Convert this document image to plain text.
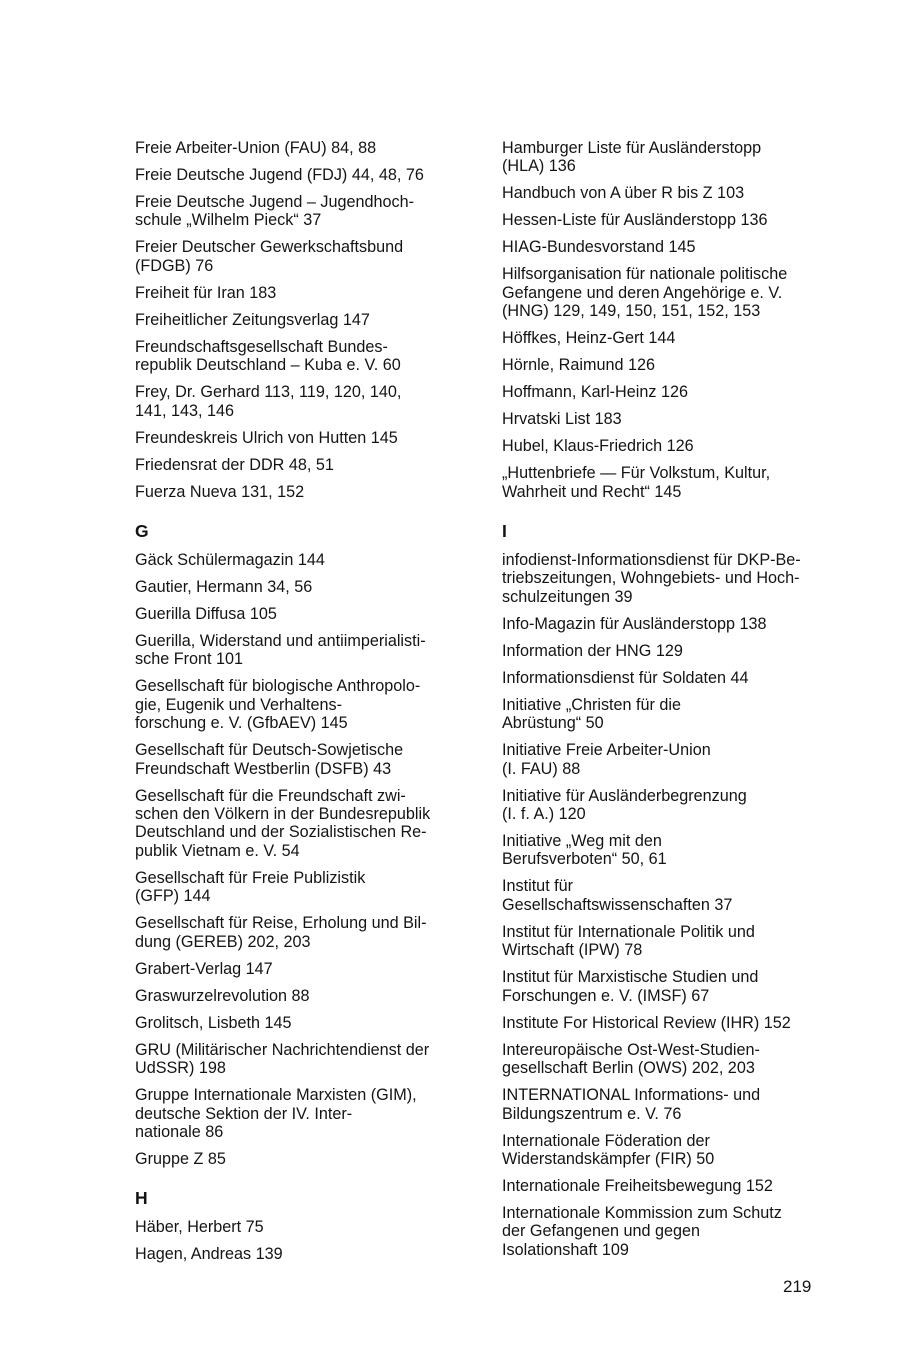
Freie Arbeiter-Union (FAU) 84, 88
Freie Deutsche Jugend (FDJ) 44, 48, 76
Freie Deutsche Jugend – Jugendhoch-
schule „Wilhelm Pieck“ 37
Freier Deutscher Gewerkschaftsbund
(FDGB) 76
Freiheit für Iran 183
Freiheitlicher Zeitungsverlag 147
Freundschaftsgesellschaft Bundes-
republik Deutschland – Kuba e. V. 60
Frey, Dr. Gerhard 113, 119, 120, 140,
141, 143, 146
Freundeskreis Ulrich von Hutten 145
Friedensrat der DDR 48, 51
Fuerza Nueva 131, 152
G
Gäck Schülermagazin 144
Gautier, Hermann 34, 56
Guerilla Diffusa 105
Guerilla, Widerstand und antiimperialisti-
sche Front 101
Gesellschaft für biologische Anthropolo-
gie, Eugenik und Verhaltens-
forschung e. V. (GfbAEV) 145
Gesellschaft für Deutsch-Sowjetische
Freundschaft Westberlin (DSFB) 43
Gesellschaft für die Freundschaft zwi-
schen den Völkern in der Bundesrepublik
Deutschland und der Sozialistischen Re-
publik Vietnam e. V. 54
Gesellschaft für Freie Publizistik
(GFP) 144
Gesellschaft für Reise, Erholung und Bil-
dung (GEREB) 202, 203
Grabert-Verlag 147
Graswurzelrevolution 88
Grolitsch, Lisbeth 145
GRU (Militärischer Nachrichtendienst der
UdSSR) 198
Gruppe Internationale Marxisten (GIM),
deutsche Sektion der IV. Inter-
nationale 86
Gruppe Z 85
H
Häber, Herbert 75
Hagen, Andreas 139
Hamburger Liste für Ausländerstopp
(HLA) 136
Handbuch von A über R bis Z 103
Hessen-Liste für Ausländerstopp 136
HIAG-Bundesvorstand 145
Hilfsorganisation für nationale politische
Gefangene und deren Angehörige e. V.
(HNG) 129, 149, 150, 151, 152, 153
Höffkes, Heinz-Gert 144
Hörnle, Raimund 126
Hoffmann, Karl-Heinz 126
Hrvatski List 183
Hubel, Klaus-Friedrich 126
„Huttenbriefe — Für Volkstum, Kultur,
Wahrheit und Recht“ 145
I
infodienst-Informationsdienst für DKP-Be-
triebszeitungen, Wohngebiets- und Hoch-
schulzeitungen 39
Info-Magazin für Ausländerstopp 138
Information der HNG 129
Informationsdienst für Soldaten 44
Initiative „Christen für die
Abrüstung“ 50
Initiative Freie Arbeiter-Union
(I. FAU) 88
Initiative für Ausländerbegrenzung
(I. f. A.) 120
Initiative „Weg mit den
Berufsverboten“ 50, 61
Institut für
Gesellschaftswissenschaften 37
Institut für Internationale Politik und
Wirtschaft (IPW) 78
Institut für Marxistische Studien und
Forschungen e. V. (IMSF) 67
Institute For Historical Review (IHR) 152
Intereuropäische Ost-West-Studien-
gesellschaft Berlin (OWS) 202, 203
INTERNATIONAL Informations- und
Bildungszentrum e. V. 76
Internationale Föderation der
Widerstandskämpfer (FIR) 50
Internationale Freiheitsbewegung 152
Internationale Kommission zum Schutz
der Gefangenen und gegen
Isolationshaft 109
219
